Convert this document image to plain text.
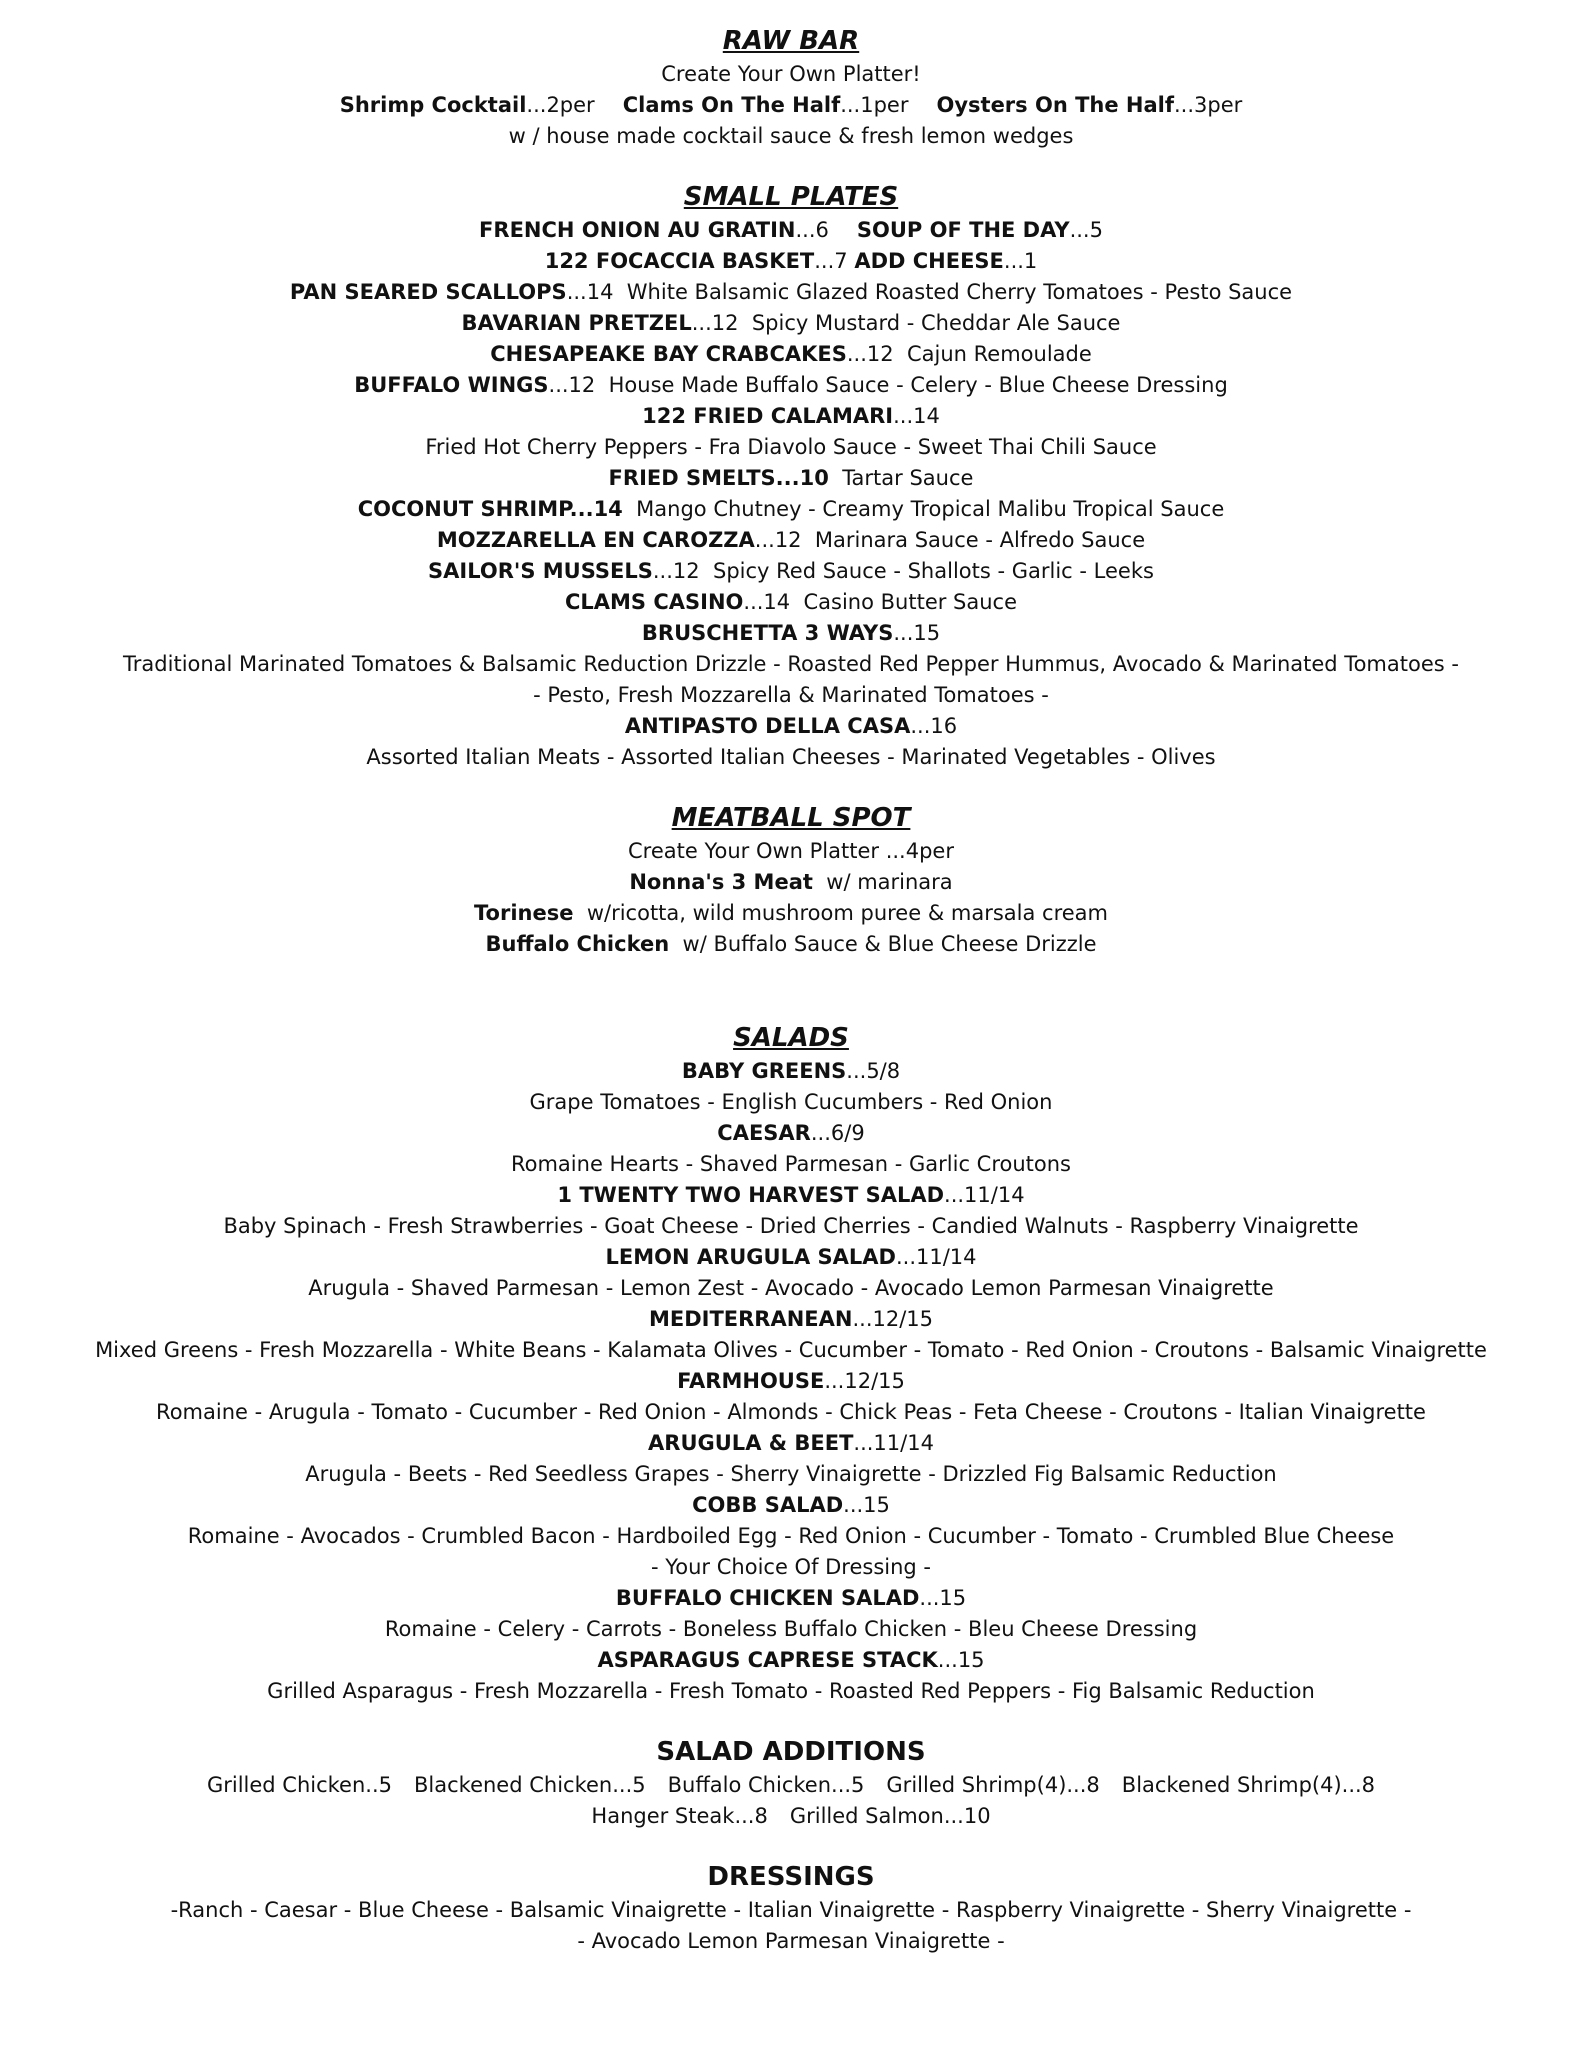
RAW BAR
Create Your Own Platter!
Shrimp Cocktail...2per Clams On The Half...1per Oysters On The Half...3per
w / house made cocktail sauce & fresh lemon wedges
SMALL PLATES
FRENCH ONION AU GRATIN...6 SOUP OF THE DAY...5
122 FOCACCIA BASKET...7 ADD CHEESE...1
PAN SEARED SCALLOPS...14 White Balsamic Glazed Roasted Cherry Tomatoes - Pesto Sauce
BAVARIAN PRETZEL...12 Spicy Mustard - Cheddar Ale Sauce
CHESAPEAKE BAY CRABCAKES...12 Cajun Remoulade
BUFFALO WINGS...12 House Made Buffalo Sauce - Celery - Blue Cheese Dressing
122 FRIED CALAMARI...14
Fried Hot Cherry Peppers - Fra Diavolo Sauce - Sweet Thai Chili Sauce
FRIED SMELTS...10 Tartar Sauce
COCONUT SHRIMP...14 Mango Chutney - Creamy Tropical Malibu Tropical Sauce
MOZZARELLA EN CAROZZA...12 Marinara Sauce - Alfredo Sauce
SAILOR'S MUSSELS...12 Spicy Red Sauce - Shallots - Garlic - Leeks
CLAMS CASINO...14 Casino Butter Sauce
BRUSCHETTA 3 WAYS...15
Traditional Marinated Tomatoes & Balsamic Reduction Drizzle - Roasted Red Pepper Hummus, Avocado & Marinated Tomatoes -
- Pesto, Fresh Mozzarella & Marinated Tomatoes -
ANTIPASTO DELLA CASA...16
Assorted Italian Meats - Assorted Italian Cheeses - Marinated Vegetables - Olives
MEATBALL SPOT
Create Your Own Platter ...4per
Nonna's 3 Meat w/ marinara
Torinese w/ricotta, wild mushroom puree & marsala cream
Buffalo Chicken w/ Buffalo Sauce & Blue Cheese Drizzle
SALADS
BABY GREENS...5/8
Grape Tomatoes - English Cucumbers - Red Onion
CAESAR...6/9
Romaine Hearts - Shaved Parmesan - Garlic Croutons
1 TWENTY TWO HARVEST SALAD...11/14
Baby Spinach - Fresh Strawberries - Goat Cheese - Dried Cherries - Candied Walnuts - Raspberry Vinaigrette
LEMON ARUGULA SALAD...11/14
Arugula - Shaved Parmesan - Lemon Zest - Avocado - Avocado Lemon Parmesan Vinaigrette
MEDITERRANEAN...12/15
Mixed Greens - Fresh Mozzarella - White Beans - Kalamata Olives - Cucumber - Tomato - Red Onion - Croutons - Balsamic Vinaigrette
FARMHOUSE...12/15
Romaine - Arugula - Tomato - Cucumber - Red Onion - Almonds - Chick Peas - Feta Cheese - Croutons - Italian Vinaigrette
ARUGULA & BEET...11/14
Arugula - Beets - Red Seedless Grapes - Sherry Vinaigrette - Drizzled Fig Balsamic Reduction
COBB SALAD...15
Romaine - Avocados - Crumbled Bacon - Hardboiled Egg - Red Onion - Cucumber - Tomato - Crumbled Blue Cheese
- Your Choice Of Dressing -
BUFFALO CHICKEN SALAD...15
Romaine - Celery - Carrots - Boneless Buffalo Chicken - Bleu Cheese Dressing
ASPARAGUS CAPRESE STACK...15
Grilled Asparagus - Fresh Mozzarella - Fresh Tomato - Roasted Red Peppers - Fig Balsamic Reduction
SALAD ADDITIONS
Grilled Chicken..5 Blackened Chicken...5 Buffalo Chicken...5 Grilled Shrimp(4)...8 Blackened Shrimp(4)...8
Hanger Steak...8 Grilled Salmon...10
DRESSINGS
-Ranch - Caesar - Blue Cheese - Balsamic Vinaigrette - Italian Vinaigrette - Raspberry Vinaigrette - Sherry Vinaigrette -
- Avocado Lemon Parmesan Vinaigrette -
